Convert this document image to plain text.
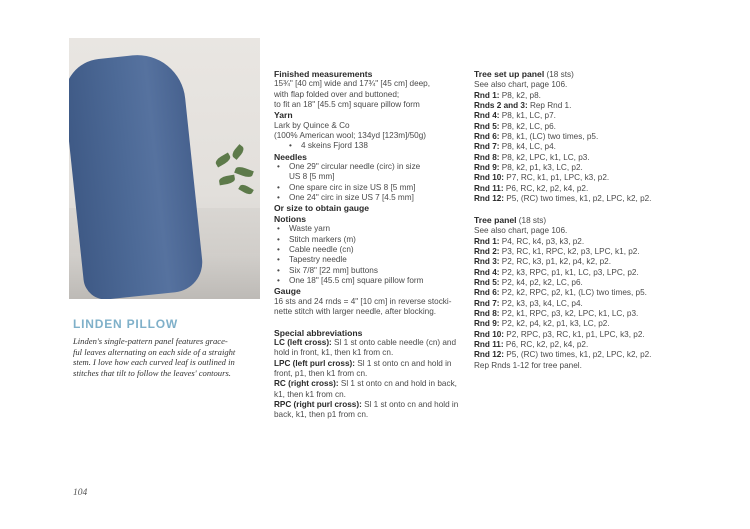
LINDEN PILLOW
Linden's single-pattern panel features grace-
ful leaves alternating on each side of a straight
stem. I love how each curved leaf is outlined in
stitches that tilt to follow the leaves' contours.
Finished measurements
15¾" [40 cm] wide and 17¾" [45 cm] deep,
with flap folded over and buttoned;
to fit an 18" [45.5 cm] square pillow form
Yarn
Lark by Quince & Co
(100% American wool; 134yd [123m]/50g)
• 4 skeins Fjord 138
Needles
• One 29" circular needle (circ) in size
US 8 [5 mm]
• One spare circ in size US 8 [5 mm]
• One 24" circ in size US 7 [4.5 mm]
Or size to obtain gauge
Notions
• Waste yarn
• Stitch markers (m)
• Cable needle (cn)
• Tapestry needle
• Six 7/8" [22 mm] buttons
• One 18" [45.5 cm] square pillow form
Gauge
16 sts and 24 rnds = 4" [10 cm] in reverse stocki-
nette stitch with larger needle, after blocking.
Special abbreviations
LC (left cross): Sl 1 st onto cable needle (cn) and
hold in front, k1, then k1 from cn.
LPC (left purl cross): Sl 1 st onto cn and hold in
front, p1, then k1 from cn.
RC (right cross): Sl 1 st onto cn and hold in back,
k1, then k1 from cn.
RPC (right purl cross): Sl 1 st onto cn and hold in
back, k1, then p1 from cn.
Tree set up panel (18 sts)
See also chart, page 106.
Rnd 1: P8, k2, p8.
Rnds 2 and 3: Rep Rnd 1.
Rnd 4: P8, k1, LC, p7.
Rnd 5: P8, k2, LC, p6.
Rnd 6: P8, k1, (LC) two times, p5.
Rnd 7: P8, k4, LC, p4.
Rnd 8: P8, k2, LPC, k1, LC, p3.
Rnd 9: P8, k2, p1, k3, LC, p2.
Rnd 10: P7, RC, k1, p1, LPC, k3, p2.
Rnd 11: P6, RC, k2, p2, k4, p2.
Rnd 12: P5, (RC) two times, k1, p2, LPC, k2, p2.
Tree panel (18 sts)
See also chart, page 106.
Rnd 1: P4, RC, k4, p3, k3, p2.
Rnd 2: P3, RC, k1, RPC, k2, p3, LPC, k1, p2.
Rnd 3: P2, RC, k3, p1, k2, p4, k2, p2.
Rnd 4: P2, k3, RPC, p1, k1, LC, p3, LPC, p2.
Rnd 5: P2, k4, p2, k2, LC, p6.
Rnd 6: P2, k2, RPC, p2, k1, (LC) two times, p5.
Rnd 7: P2, k3, p3, k4, LC, p4.
Rnd 8: P2, k1, RPC, p3, k2, LPC, k1, LC, p3.
Rnd 9: P2, k2, p4, k2, p1, k3, LC, p2.
Rnd 10: P2, RPC, p3, RC, k1, p1, LPC, k3, p2.
Rnd 11: P6, RC, k2, p2, k4, p2.
Rnd 12: P5, (RC) two times, k1, p2, LPC, k2, p2.
Rep Rnds 1-12 for tree panel.
104
